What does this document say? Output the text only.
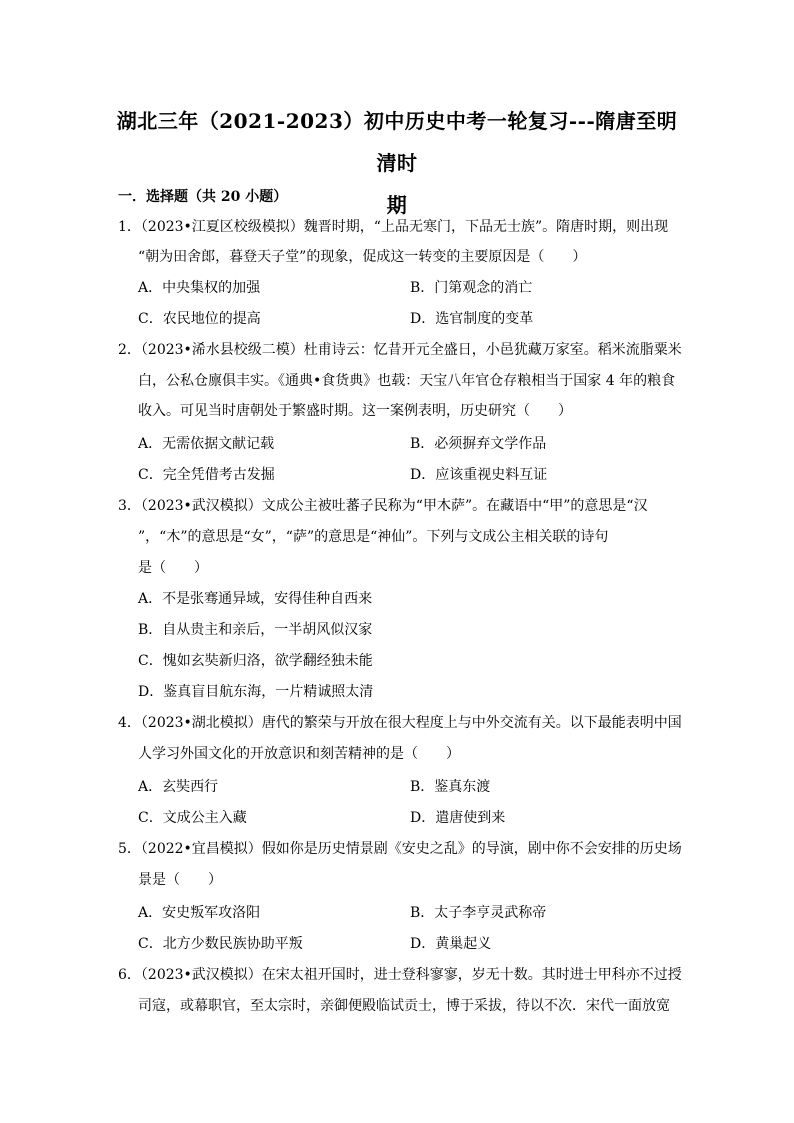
湖北三年（2021-2023）初中历史中考一轮复习---隋唐至明清时
期
一．选择题（共 20 小题）
1．（2023•江夏区校级模拟）魏晋时期，“上品无寒门，下品无士族”。隋唐时期，则出现
“朝为田舍郎，暮登天子堂”的现象，促成这一转变的主要原因是（　　）
A．中央集权的加强	B．门第观念的消亡
C．农民地位的提高	D．选官制度的变革
2．（2023•浠水县校级二模）杜甫诗云：忆昔开元全盛日，小邑犹藏万家室。稻米流脂粟米
白，公私仓廪俱丰实。《通典•食货典》也载：天宝八年官仓存粮相当于国家 4 年的粮食
收入。可见当时唐朝处于繁盛时期。这一案例表明，历史研究（　　）
A．无需依据文献记载	B．必须摒弃文学作品
C．完全凭借考古发掘	D．应该重视史料互证
3．（2023•武汉模拟）文成公主被吐蕃子民称为“甲木萨”。在藏语中“甲”的意思是“汉
”，“木”的意思是“女”，“萨”的意思是“神仙”。下列与文成公主相关联的诗句
是（　　）
A．不是张骞通异域，安得佳种自西来
B．自从贵主和亲后，一半胡风似汉家
C．愧如玄奘新归洛，欲学翻经独未能
D．鉴真盲目航东海，一片精诚照太清
4．（2023•湖北模拟）唐代的繁荣与开放在很大程度上与中外交流有关。以下最能表明中国
人学习外国文化的开放意识和刻苦精神的是（　　）
A．玄奘西行	B．鉴真东渡
C．文成公主入藏	D．遣唐使到来
5．（2022•宜昌模拟）假如你是历史情景剧《安史之乱》的导演，剧中你不会安排的历史场
景是（　　）
A．安史叛军攻洛阳	B．太子李亨灵武称帝
C．北方少数民族协助平叛	D．黄巢起义
6．（2023•武汉模拟）在宋太祖开国时，进士登科寥寥，岁无十数。其时进士甲科亦不过授
司寇，或幕职官，至太宗时，亲御便殿临试贡士，博于采拔，待以不次．宋代一面放宽
